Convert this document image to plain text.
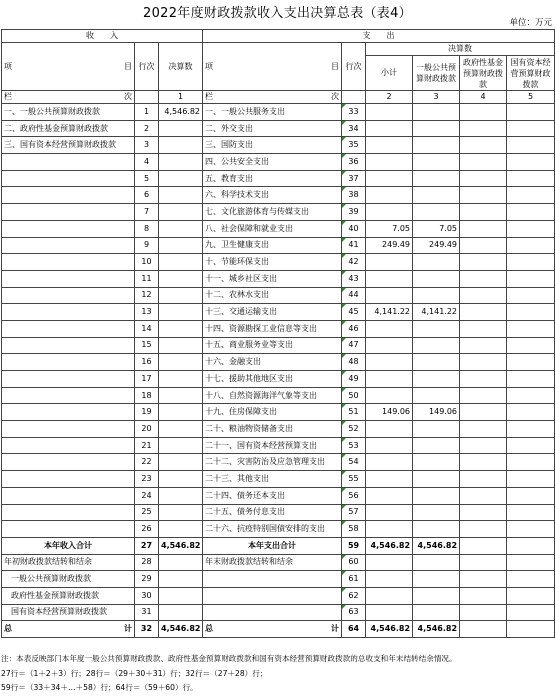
2022年度财政拨款收入支出决算总表（表4）
单位：万元
收　　入			支　　出					

项 目	行次	决算数	项 目	行次	决算数			
					小计	一般公共预算财政拨款	政府性基金预算财政拨款	国有资本经营预算财政拨款

栏 次		1	栏 次		2	3	4	5
一、一般公共预算财政拨款	1	4,546.82	一、一般公共服务支出	33				
二、政府性基金预算财政拨款	2		二、外交支出	34				
三、国有资本经营预算财政拨款	3		三、国防支出	35				
	4		四、公共安全支出	36				
	5		五、教育支出	37				
	6		六、科学技术支出	38				
	7		七、文化旅游体育与传媒支出	39				
	8		八、社会保障和就业支出	40	7.05	7.05		
	9		九、卫生健康支出	41	249.49	249.49		
	10		十、节能环保支出	42				
	11		十一、城乡社区支出	43				
	12		十二、农林水支出	44				
	13		十三、交通运输支出	45	4,141.22	4,141.22		
	14		十四、资源勘探工业信息等支出	46				
	15		十五、商业服务业等支出	47				
	16		十六、金融支出	48				
	17		十七、援助其他地区支出	49				
	18		十八、自然资源海洋气象等支出	50				
	19		十九、住房保障支出	51	149.06	149.06		
	20		二十、粮油物资储备支出	52				
	21		二十一、国有资本经营预算支出	53				
	22		二十二、灾害防治及应急管理支出	54				
	23		二十三、其他支出	55				
	24		二十四、债务还本支出	56				
	25		二十五、债务付息支出	57				
	26		二十六、抗疫特别国债安排的支出	58				
本年收入合计	27	4,546.82	本年支出合计	59	4,546.82	4,546.82		
年初财政拨款结转和结余	28		年末财政拨款结转和结余	60				
一般公共预算财政拨款	29			61				
政府性基金预算财政拨款	30			62				
国有资本经营预算财政拨款	31			63				

总 计	32	4,546.82	总 计	64	4,546.82	4,546.82		
注：本表反映部门本年度一般公共预算财政拨款、政府性基金预算财政拨款和国有资本经营预算财政拨款的总收支和年末结转结余情况。
27行＝（1＋2＋3）行；28行＝（29＋30＋31）行；32行＝（27＋28）行；
59行＝（33＋34＋…＋58）行；64行＝（59＋60）行。
